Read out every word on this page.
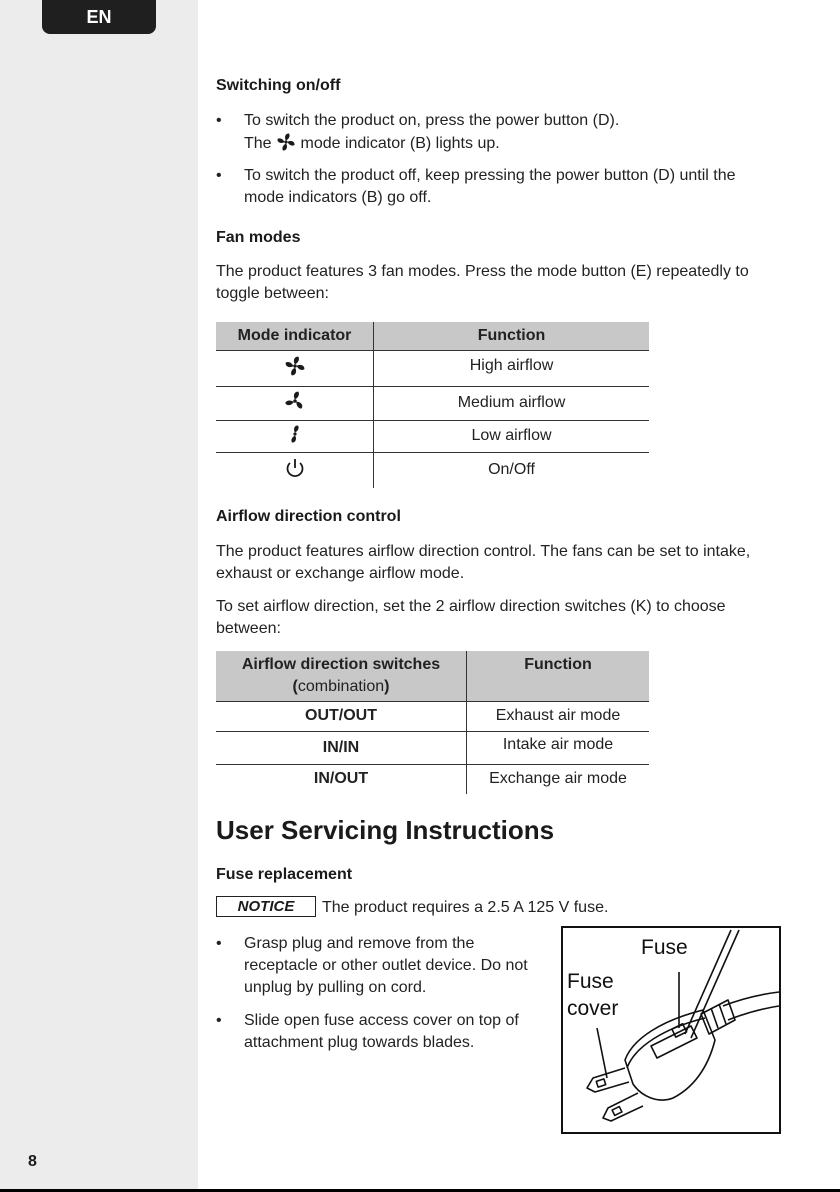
EN
8

Switching on/off

• To switch the product on, press the power button (D).
The mode indicator (B) lights up.
• To switch the product off, keep pressing the power button (D) until the mode indicators (B) go off.

Fan modes

The product features 3 fan modes. Press the mode button (E) repeatedly to toggle between:

Mode indicator	Function
	High airflow
	Medium airflow
	Low airflow
	On/Off

Airflow direction control

The product features airflow direction control. The fans can be set to intake, exhaust or exchange airflow mode.

To set airflow direction, set the 2 airflow direction switches (K) to choose between:

Airflow direction switches
(combination)	Function
OUT/OUT	Exhaust air mode
IN/IN	Intake air mode
IN/OUT	Exchange air mode

User Servicing Instructions

Fuse replacement

NOTICE	The product requires a 2.5 A 125 V fuse.
• Grasp plug and remove from the receptacle or other outlet device. Do not unplug by pulling on cord.
• Slide open fuse access cover on top of attachment plug towards blades.
Fuse
Fuse
cover
